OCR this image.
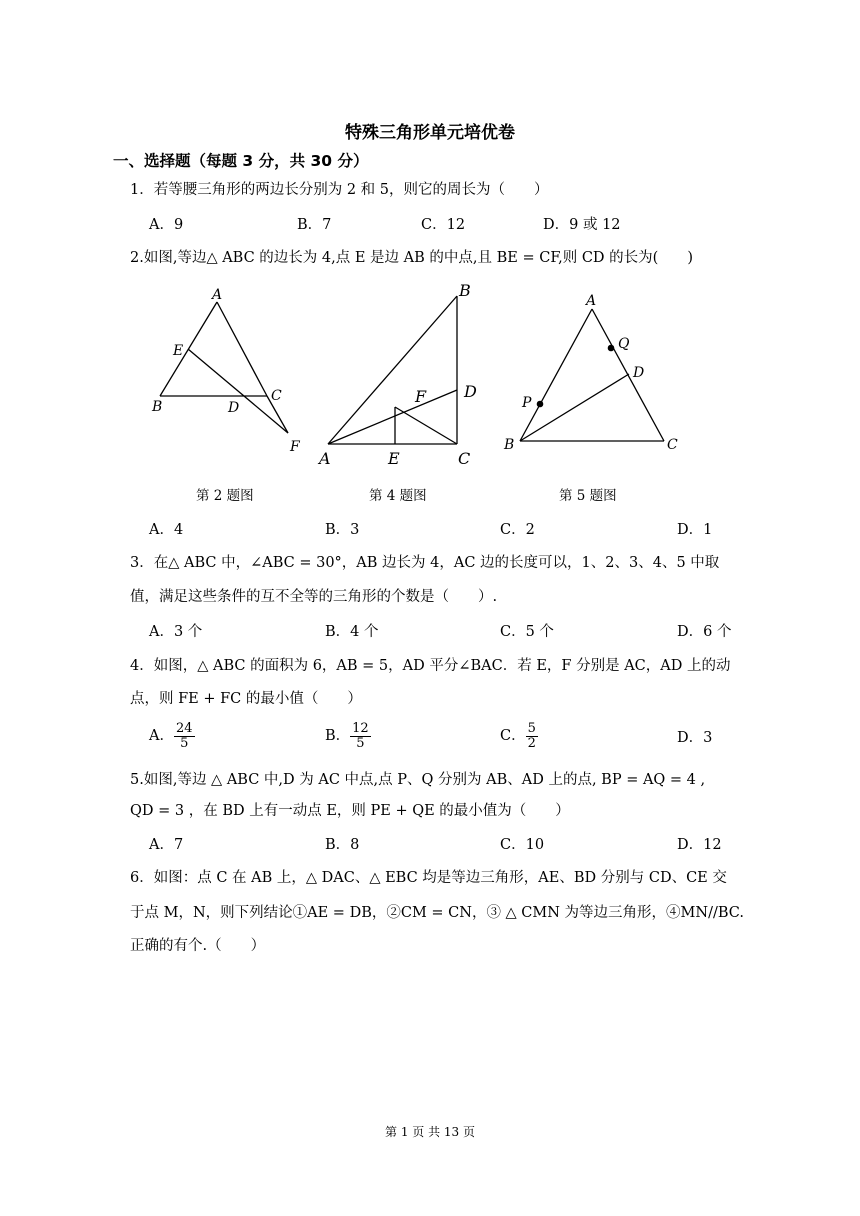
特殊三角形单元培优卷
一、选择题（每题 3 分，共 30 分）
1．若等腰三角形的两边长分别为 2 和 5，则它的周长为（　　）
A．9	B．7	C．12	D．9 或 12
2.如图,等边△ ABC 的边长为 4,点 E 是边 AB 的中点,且 BE = CF,则 CD 的长为(　　)
A
E
B	D
C
F
B
D
F
A	E	C
A
Q
D
P
B	C
第 2 题图	第 4 题图	第 5 题图
A．4	B．3	C．2	D．1
3．在△ ABC 中，∠ABC = 30°，AB 边长为 4，AC 边的长度可以，1、2、3、4、5 中取
值，满足这些条件的互不全等的三角形的个数是（　　）.
A．3 个	B．4 个	C．5 个	D．6 个
4．如图，△ ABC 的面积为 6，AB = 5，AD 平分∠BAC．若 E，F 分别是 AC，AD 上的动
点，则 FE + FC 的最小值（　　）
A． $\frac{24}{5}$	B． $\frac{12}{5}$	C． $\frac{5}{2}$	D．3
5.如图,等边 △ ABC 中,D 为 AC 中点,点 P、Q 分别为 AB、AD 上的点, BP = AQ = 4 ,
QD = 3 ，在 BD 上有一动点 E，则 PE + QE 的最小值为（　　）
A．7	B．8	C．10	D．12
6．如图：点 C 在 AB 上，△ DAC、△ EBC 均是等边三角形，AE、BD 分别与 CD、CE 交
于点 M，N，则下列结论①AE = DB，②CM = CN，③ △ CMN 为等边三角形，④MN//BC.
正确的有个.（　　）
第 1 页 共 13 页
